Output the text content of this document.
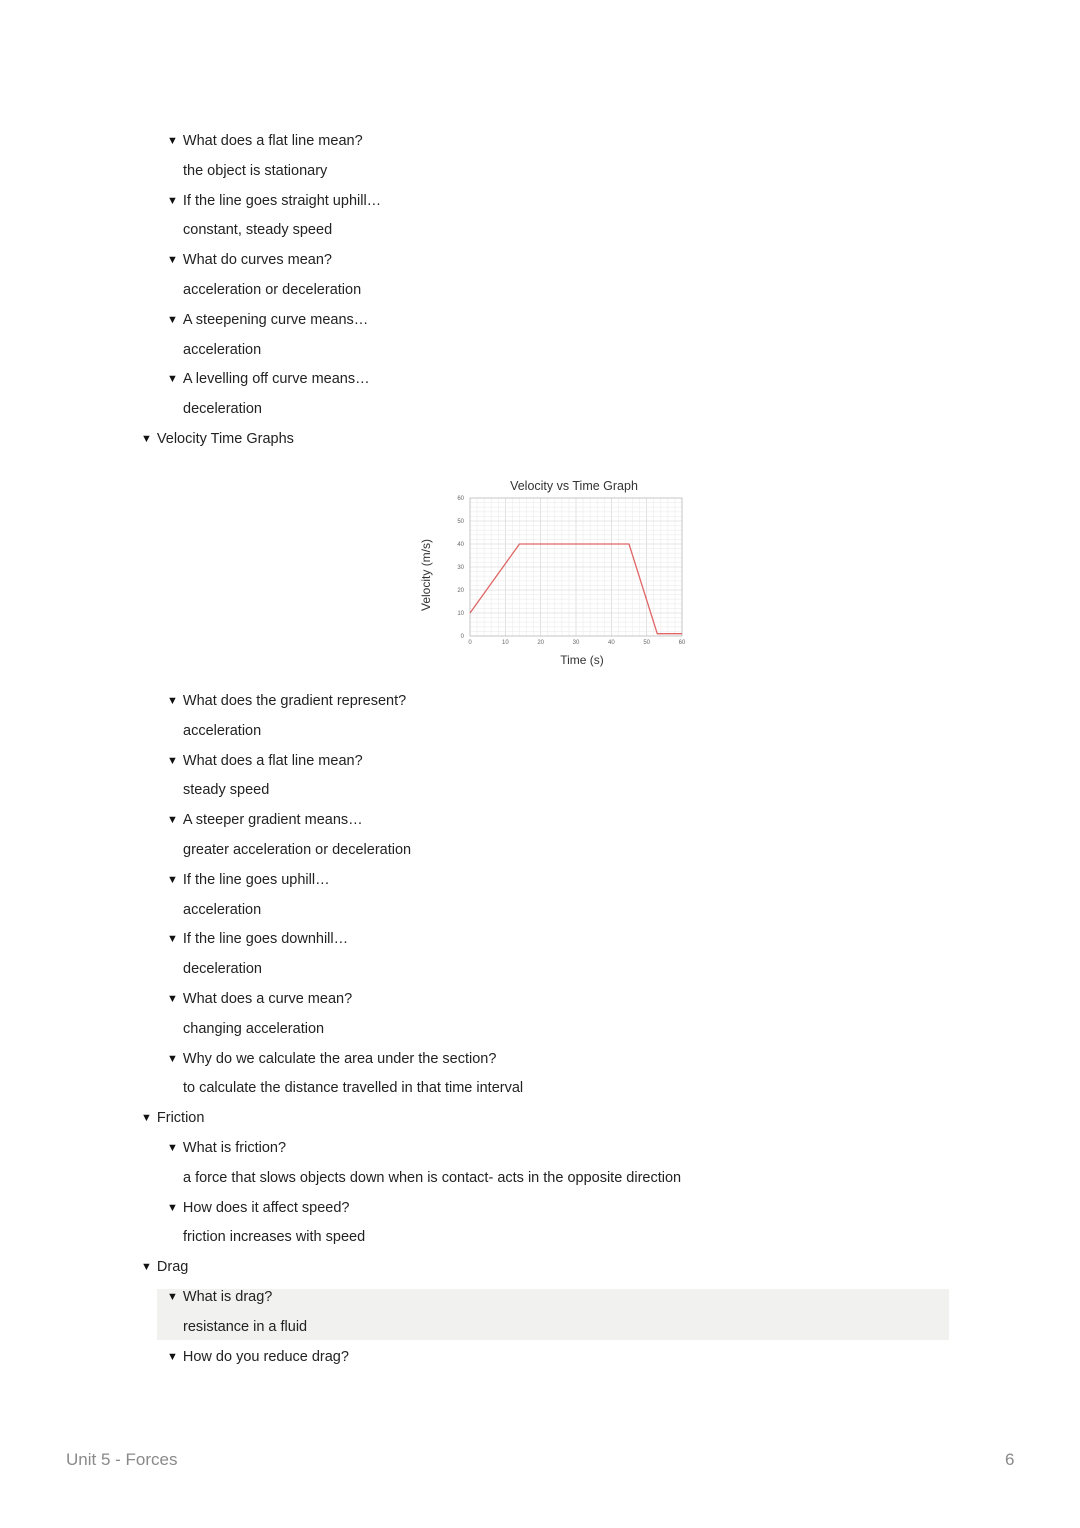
▼ What does a flat line mean?
the object is stationary
▼ If the line goes straight uphill…
constant, steady speed
▼ What do curves mean?
acceleration or deceleration
▼ A steepening curve means…
acceleration
▼ A levelling off curve means…
deceleration
▼ Velocity Time Graphs
0	10	20	30	40	50	60
0
10
20
30
40
50
60
Velocity vs Time Graph
Time (s)
Velocity (m/s)
▼ What does the gradient represent?
acceleration
▼ What does a flat line mean?
steady speed
▼ A steeper gradient means…
greater acceleration or deceleration
▼ If the line goes uphill…
acceleration
▼ If the line goes downhill…
deceleration
▼ What does a curve mean?
changing acceleration
▼ Why do we calculate the area under the section?
to calculate the distance travelled in that time interval
▼ Friction
▼ What is friction?
a force that slows objects down when is contact- acts in the opposite direction
▼ How does it affect speed?
friction increases with speed
▼ Drag
▼ What is drag?
resistance in a fluid
▼ How do you reduce drag?
Unit 5 - Forces	6
